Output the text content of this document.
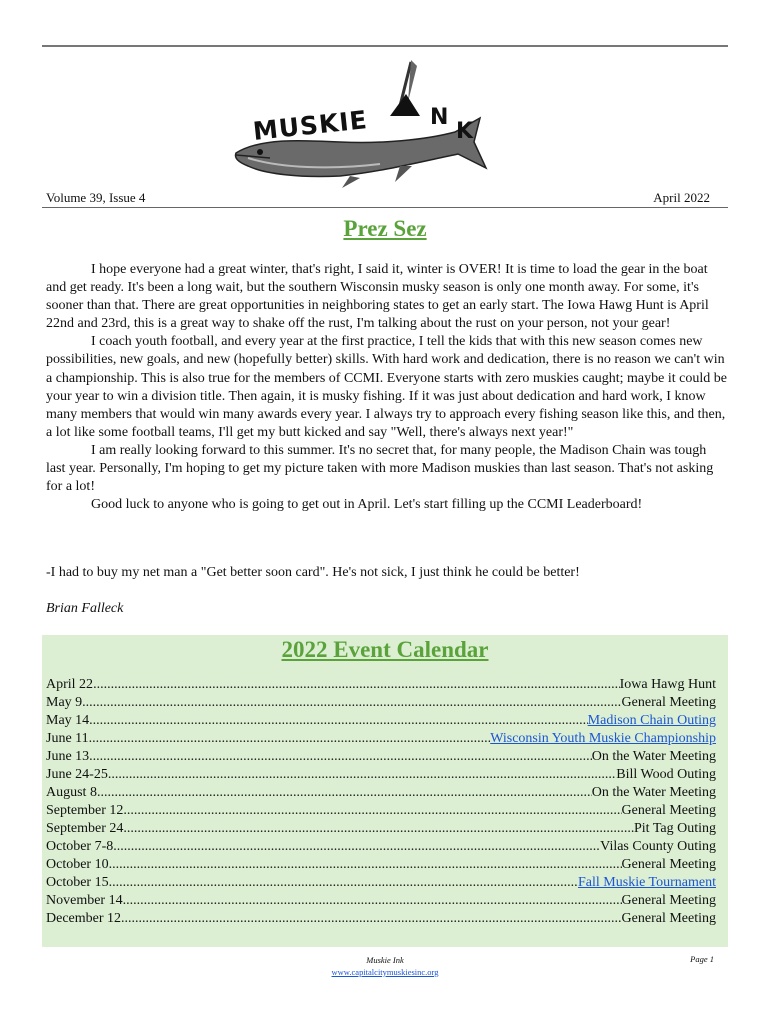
MUSKIE	N
K
Volume 39, Issue 4	April 2022
Prez Sez

I hope everyone had a great winter, that's right, I said it, winter is OVER! It is time to load the gear in the boat and get ready. It's been a long wait, but the southern Wisconsin musky season is only one month away. For some, it's sooner than that. There are great opportunities in neighboring states to get an early start. The Iowa Hawg Hunt is April 22nd and 23rd, this is a great way to shake off the rust, I'm talking about the rust on your person, not your gear!

I coach youth football, and every year at the first practice, I tell the kids that with this new season comes new possibilities, new goals, and new (hopefully better) skills. With hard work and dedication, there is no reason we can't win a championship. This is also true for the members of CCMI. Everyone starts with zero muskies caught; maybe it could be your year to win a division title. Then again, it is musky fishing. If it was just about dedication and hard work, I know many members that would win many awards every year. I always try to approach every fishing season like this, and then, a lot like some football teams, I'll get my butt kicked and say "Well, there's always next year!"

I am really looking forward to this summer. It's no secret that, for many people, the Madison Chain was tough last year. Personally, I'm hoping to get my picture taken with more Madison muskies than last season. That's not asking for a lot!

Good luck to anyone who is going to get out in April. Let's start filling up the CCMI Leaderboard!

-I had to buy my net man a "Get better soon card". He's not sick, I just think he could be better!
Brian Falleck
2022 Event Calendar
April 22 .....	Iowa Hawg Hunt
May 9 .....	General Meeting
May 14 .....	Madison Chain Outing
June 11 .....	Wisconsin Youth Muskie Championship
June 13 .....	On the Water Meeting
June 24-25 .....	Bill Wood Outing
August 8 .....	On the Water Meeting
September 12 .....	General Meeting
September 24 .....	Pit Tag Outing
October 7-8 .....	Vilas County Outing
October 10 .....	General Meeting
October 15 .....	Fall Muskie Tournament
November 14 .....	General Meeting
December 12 .....	General Meeting
Muskie Ink
www.capitalcitymuskiesinc.org
Page 1
